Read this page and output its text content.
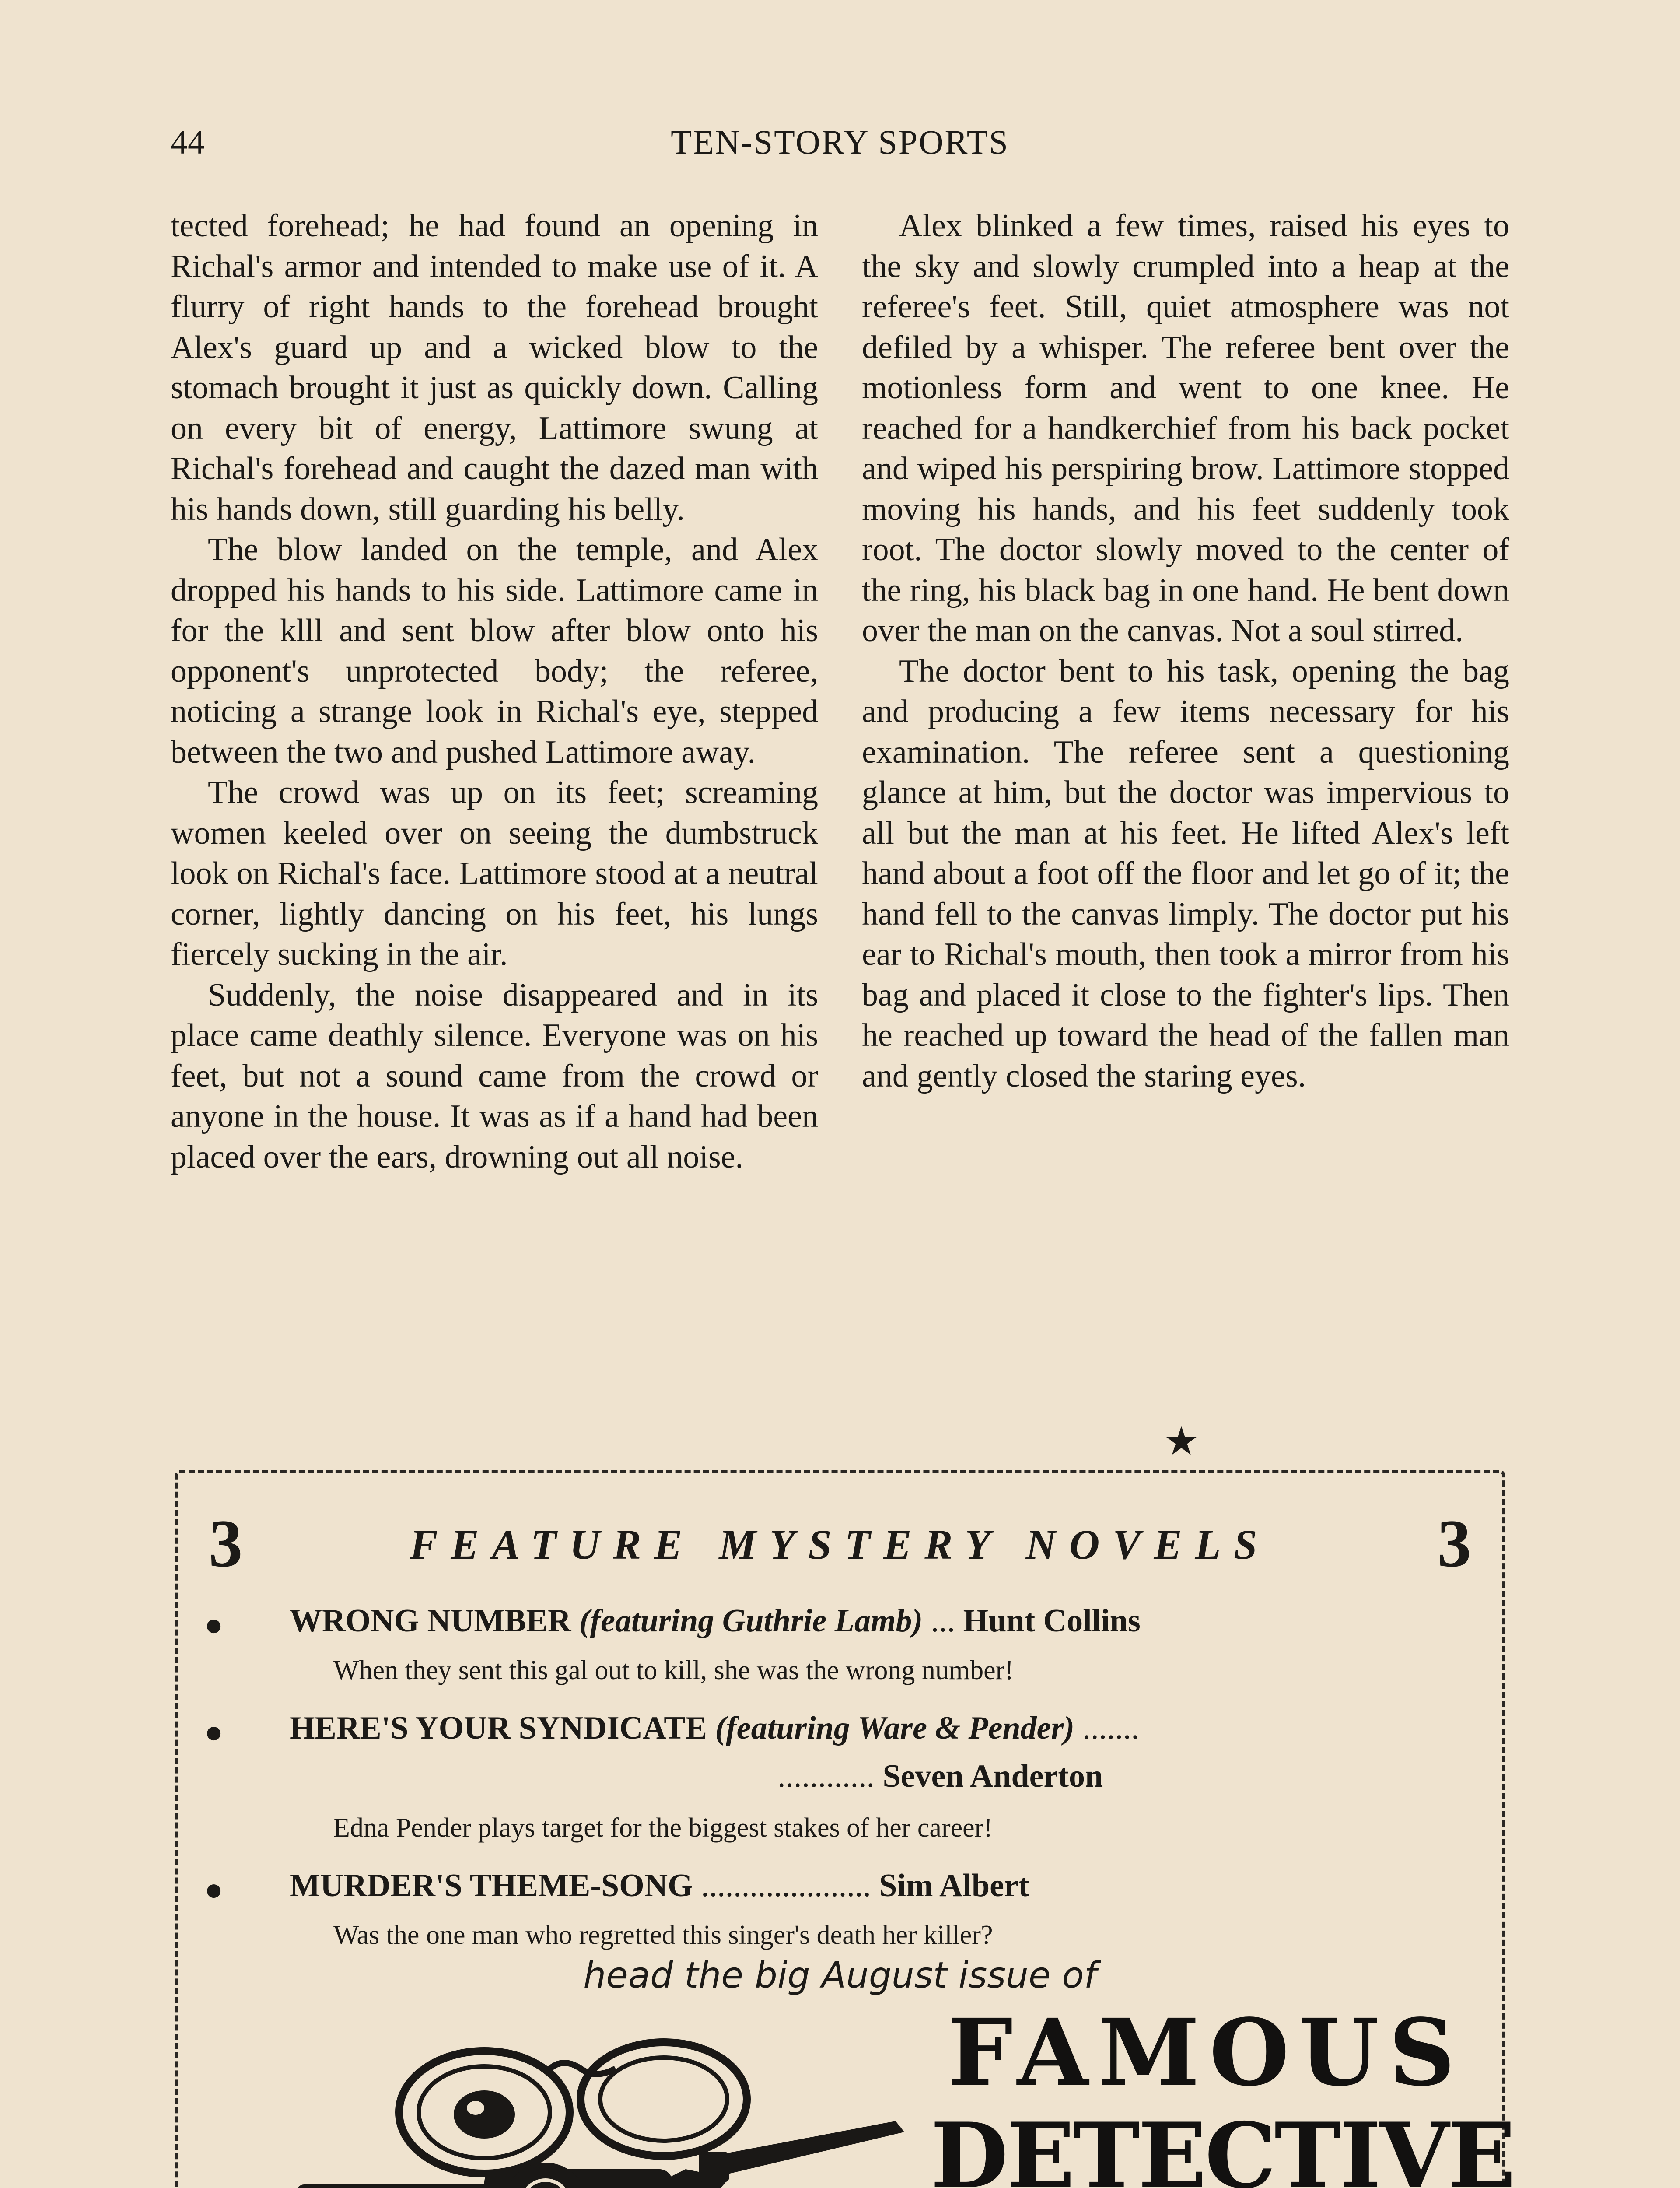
44	TEN-STORY SPORTS

tected forehead; he had found an opening in Richal's armor and intended to make use of it. A flurry of right hands to the forehead brought Alex's guard up and a wicked blow to the stomach brought it just as quickly down. Calling on every bit of energy, Lattimore swung at Richal's forehead and caught the dazed man with his hands down, still guarding his belly.

The blow landed on the temple, and Alex dropped his hands to his side. Lattimore came in for the klll and sent blow after blow onto his opponent's unprotected body; the referee, noticing a strange look in Richal's eye, stepped between the two and pushed Lattimore away.

The crowd was up on its feet; screaming women keeled over on seeing the dumbstruck look on Richal's face. Lattimore stood at a neutral corner, lightly dancing on his feet, his lungs fiercely sucking in the air.

Suddenly, the noise disappeared and in its place came deathly silence. Everyone was on his feet, but not a sound came from the crowd or anyone in the house. It was as if a hand had been placed over the ears, drowning out all noise.

Alex blinked a few times, raised his eyes to the sky and slowly crumpled into a heap at the referee's feet. Still, quiet atmosphere was not defiled by a whisper. The referee bent over the motionless form and went to one knee. He reached for a handkerchief from his back pocket and wiped his perspiring brow. Lattimore stopped moving his hands, and his feet suddenly took root. The doctor slowly moved to the center of the ring, his black bag in one hand. He bent down over the man on the canvas. Not a soul stirred.

The doctor bent to his task, opening the bag and producing a few items necessary for his examination. The referee sent a questioning glance at him, but the doctor was impervious to all but the man at his feet. He lifted Alex's left hand about a foot off the floor and let go of it; the hand fell to the canvas limply. The doctor put his ear to Richal's mouth, then took a mirror from his bag and placed it close to the fighter's lips. Then he reached up toward the head of the fallen man and gently closed the staring eyes.

★
3	FEATURE MYSTERY NOVELS	3
● WRONG NUMBER (featuring Guthrie Lamb) ... Hunt Collins
When they sent this gal out to kill, she was the wrong number!
● HERE'S YOUR SYNDICATE (featuring Ware & Pender) .......
............ Seven Anderton
Edna Pender plays target for the biggest stakes of her career!
● MURDER'S THEME-SONG ..................... Sim Albert
Was the one man who regretted this singer's death her killer?
head the big August issue of
FAMOUS
DETECTIVE
